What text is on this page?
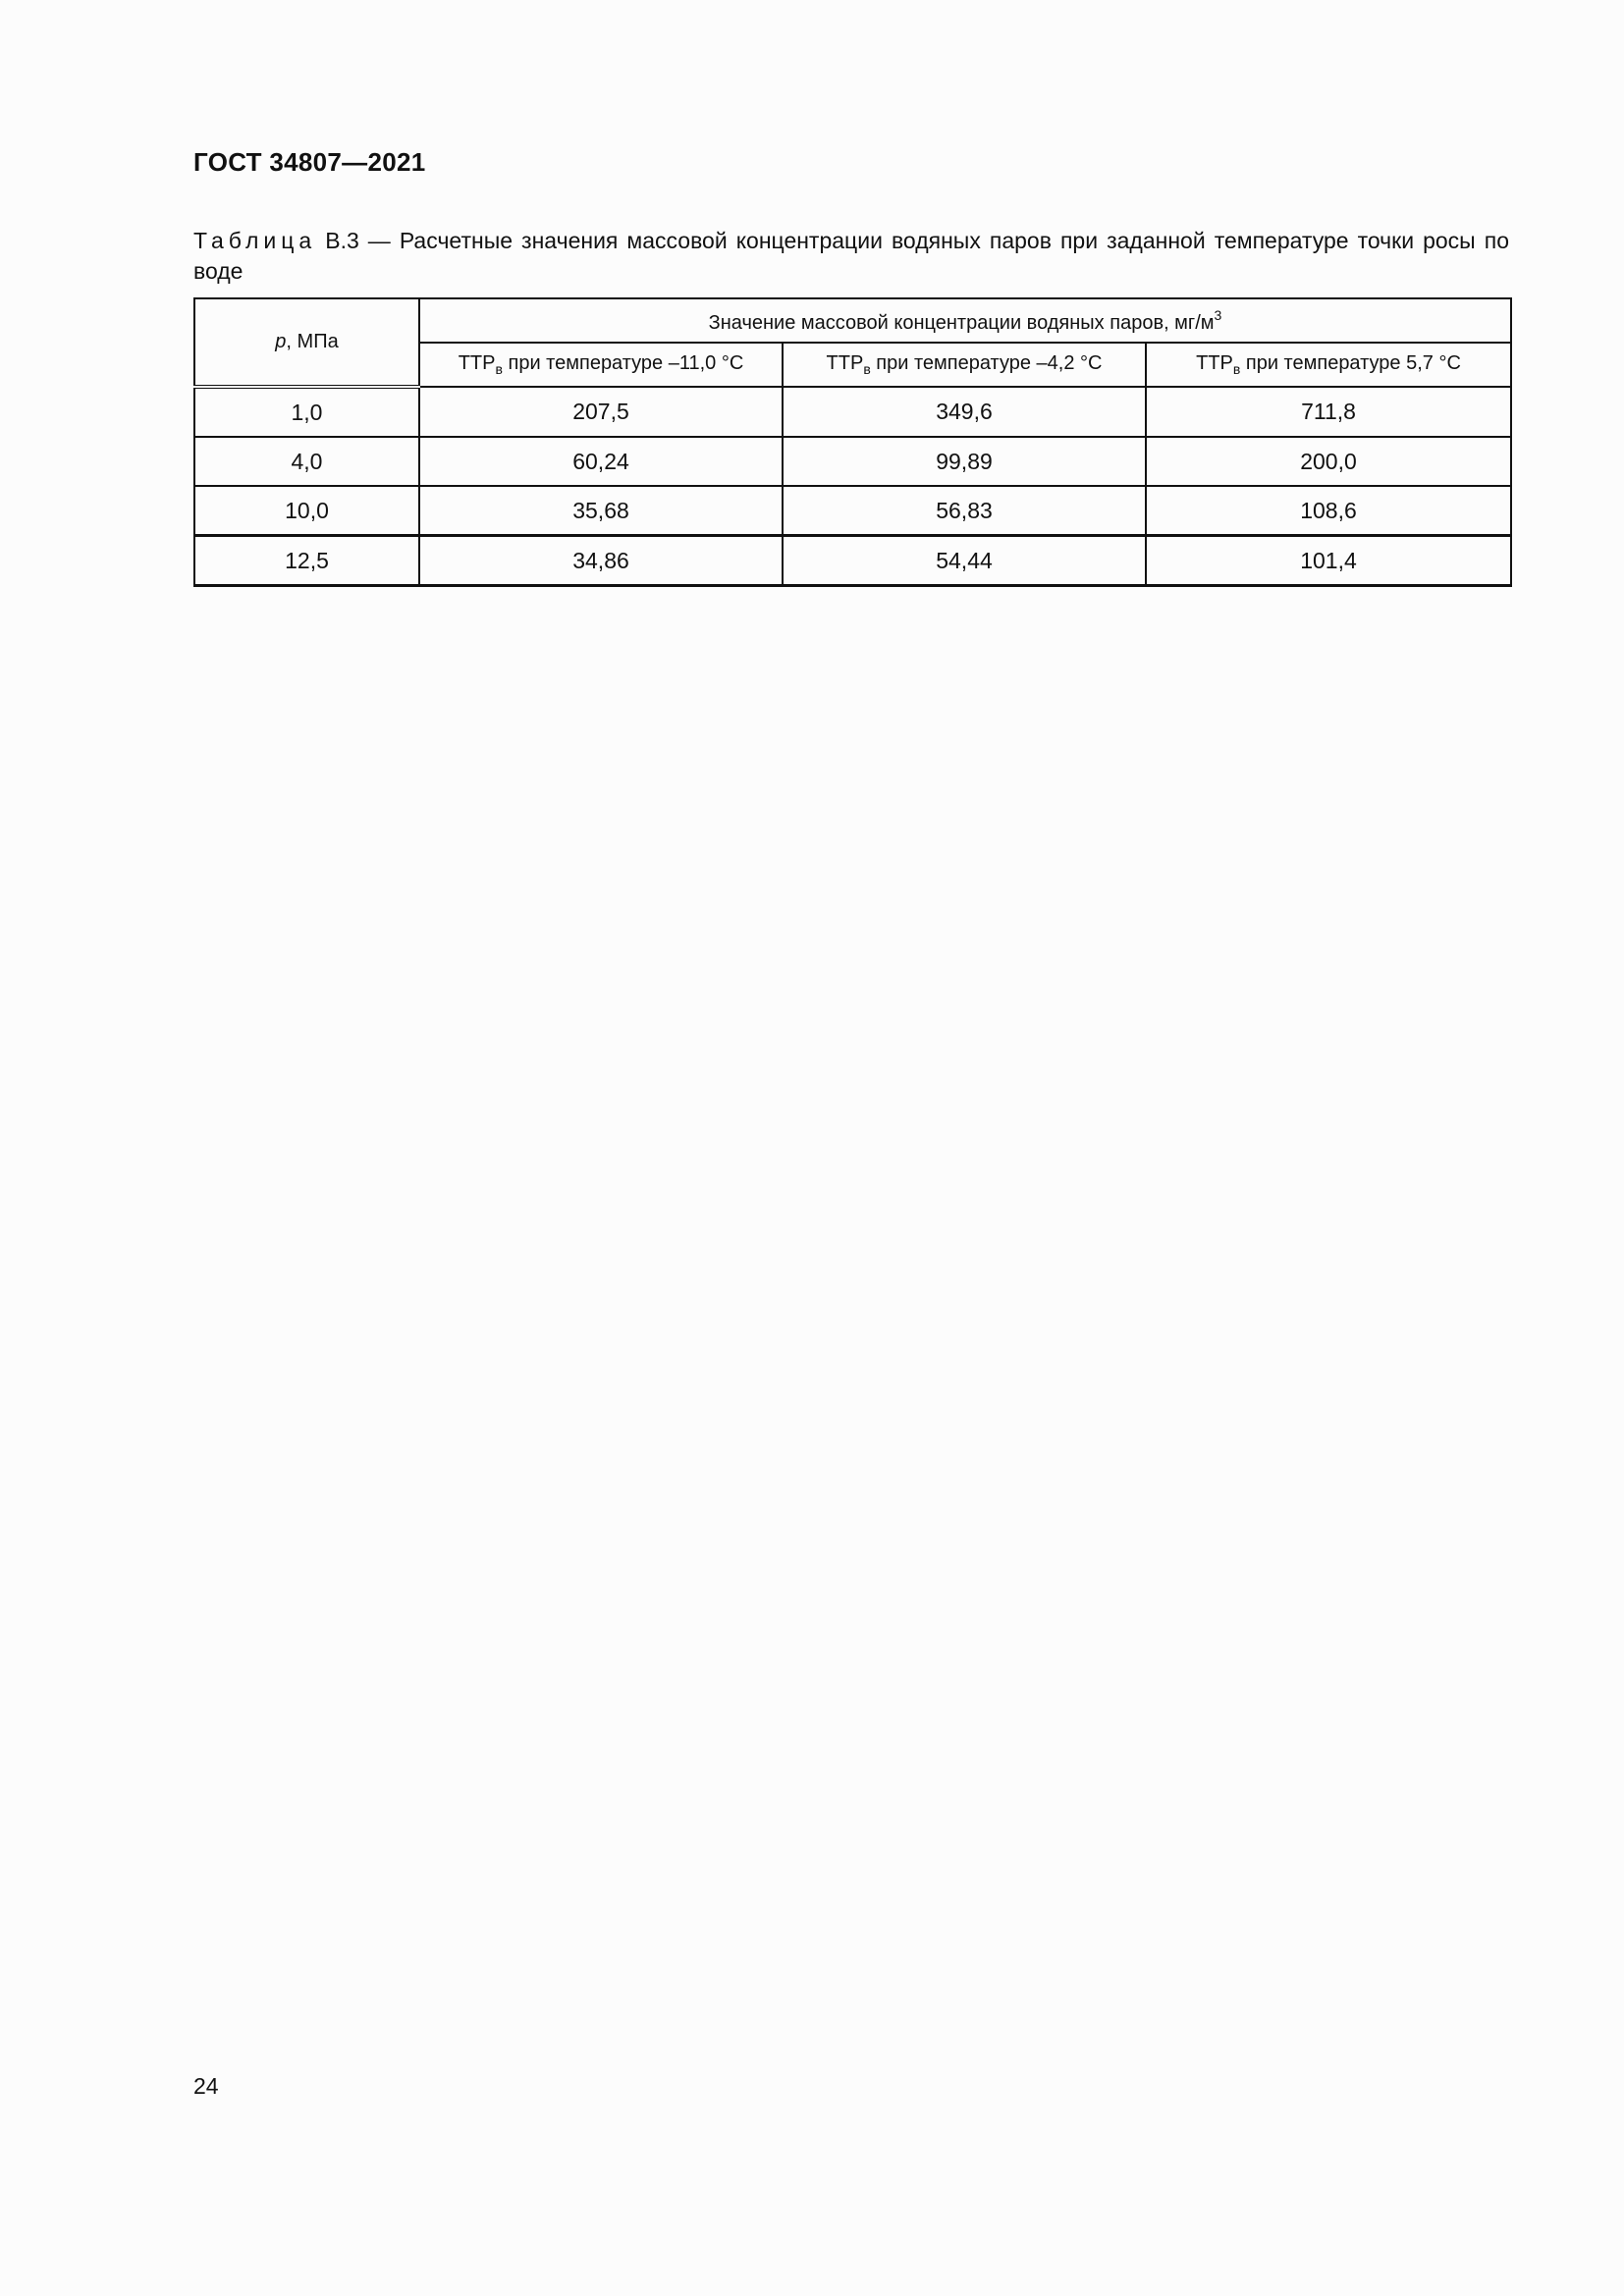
ГОСТ 34807—2021
Таблица В.3 — Расчетные значения массовой концентрации водяных паров при заданной температуре точки росы по воде
p, МПа	Значение массовой концентрации водяных паров, $мг/м^3$
	$ТТР_в$ при температуре –11,0 °С	$ТТР_в$ при температуре –4,2 °С	$ТТР_в$ при температуре 5,7 °С
1,0	207,5	349,6	711,8
4,0	60,24	99,89	200,0
10,0	35,68	56,83	108,6
12,5	34,86	54,44	101,4
24
